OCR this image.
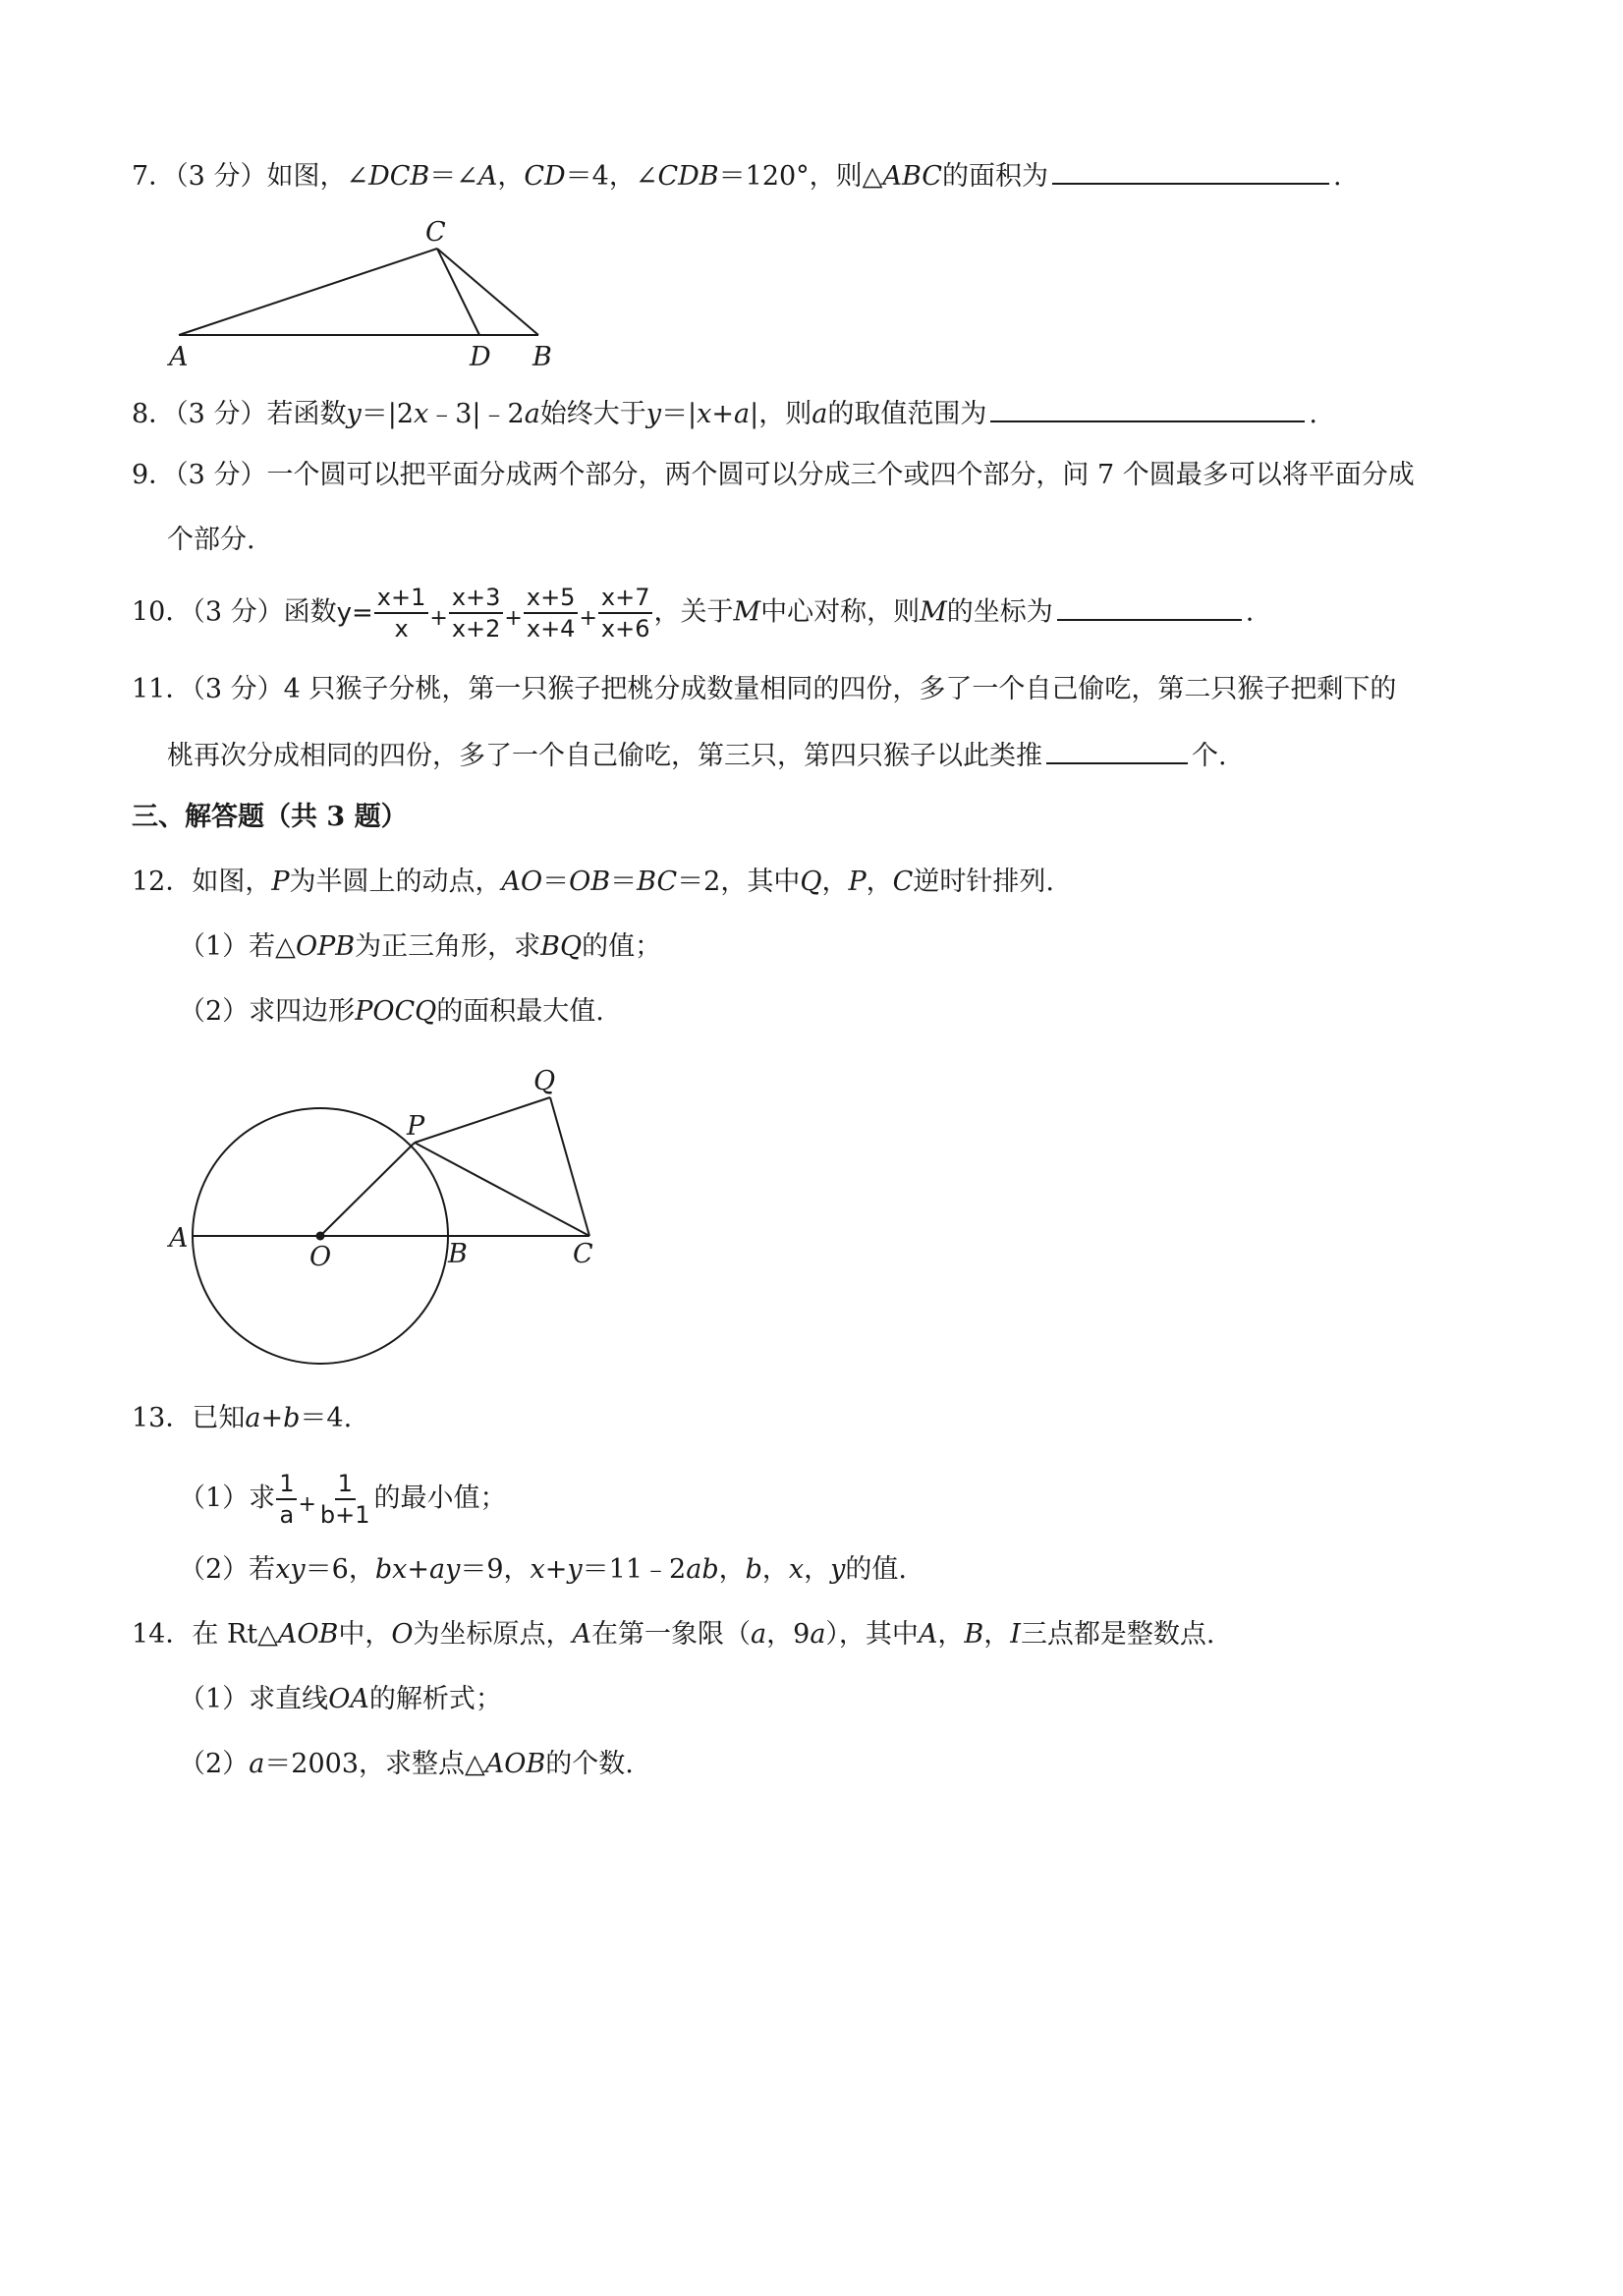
7．（3 分）如图，∠DCB＝∠A，CD＝4，∠CDB＝120°，则△ABC的面积为	.
C
A	D B
8．（3 分）若函数y＝|2x﹣3|﹣2a始终大于y＝|x+a|，则a的取值范围为	.
9．（3 分）一个圆可以把平面分成两个部分，两个圆可以分成三个或四个部分，问 7 个圆最多可以将平面分成
个部分.
10．（3 分）函数$y= \frac{x+1}{x} _+ \frac{x+3}{x+2} _+ \frac{x+5}{x+4} _+ \frac{x+7}{x+6}$ ，关于M中心对称，则M的坐标为	.
11．（3 分）4 只猴子分桃，第一只猴子把桃分成数量相同的四份，多了一个自己偷吃，第二只猴子把剩下的
桃再次分成相同的四份，多了一个自己偷吃，第三只，第四只猴子以此类推	个.
三、解答题（共 3 题）
12．如图，P为半圆上的动点，AO＝OB＝BC＝2，其中Q，P，C逆时针排列.
（1）若△OPB为正三角形，求BQ的值；
（2）求四边形POCQ的面积最大值.
Q
P
A
O	B	C
13．已知a+b＝4.
（1）求 $\frac{1}{a} _+ \frac{1}{b+1}$ 的最小值；
（2）若xy＝6，bx+ay＝9，x+y＝11﹣2ab，b，x，y的值.
14．在 Rt△AOB中，O为坐标原点，A在第一象限（a，9a），其中A，B，I三点都是整数点.
（1）求直线OA的解析式；
（2）a＝2003，求整点△AOB的个数.
